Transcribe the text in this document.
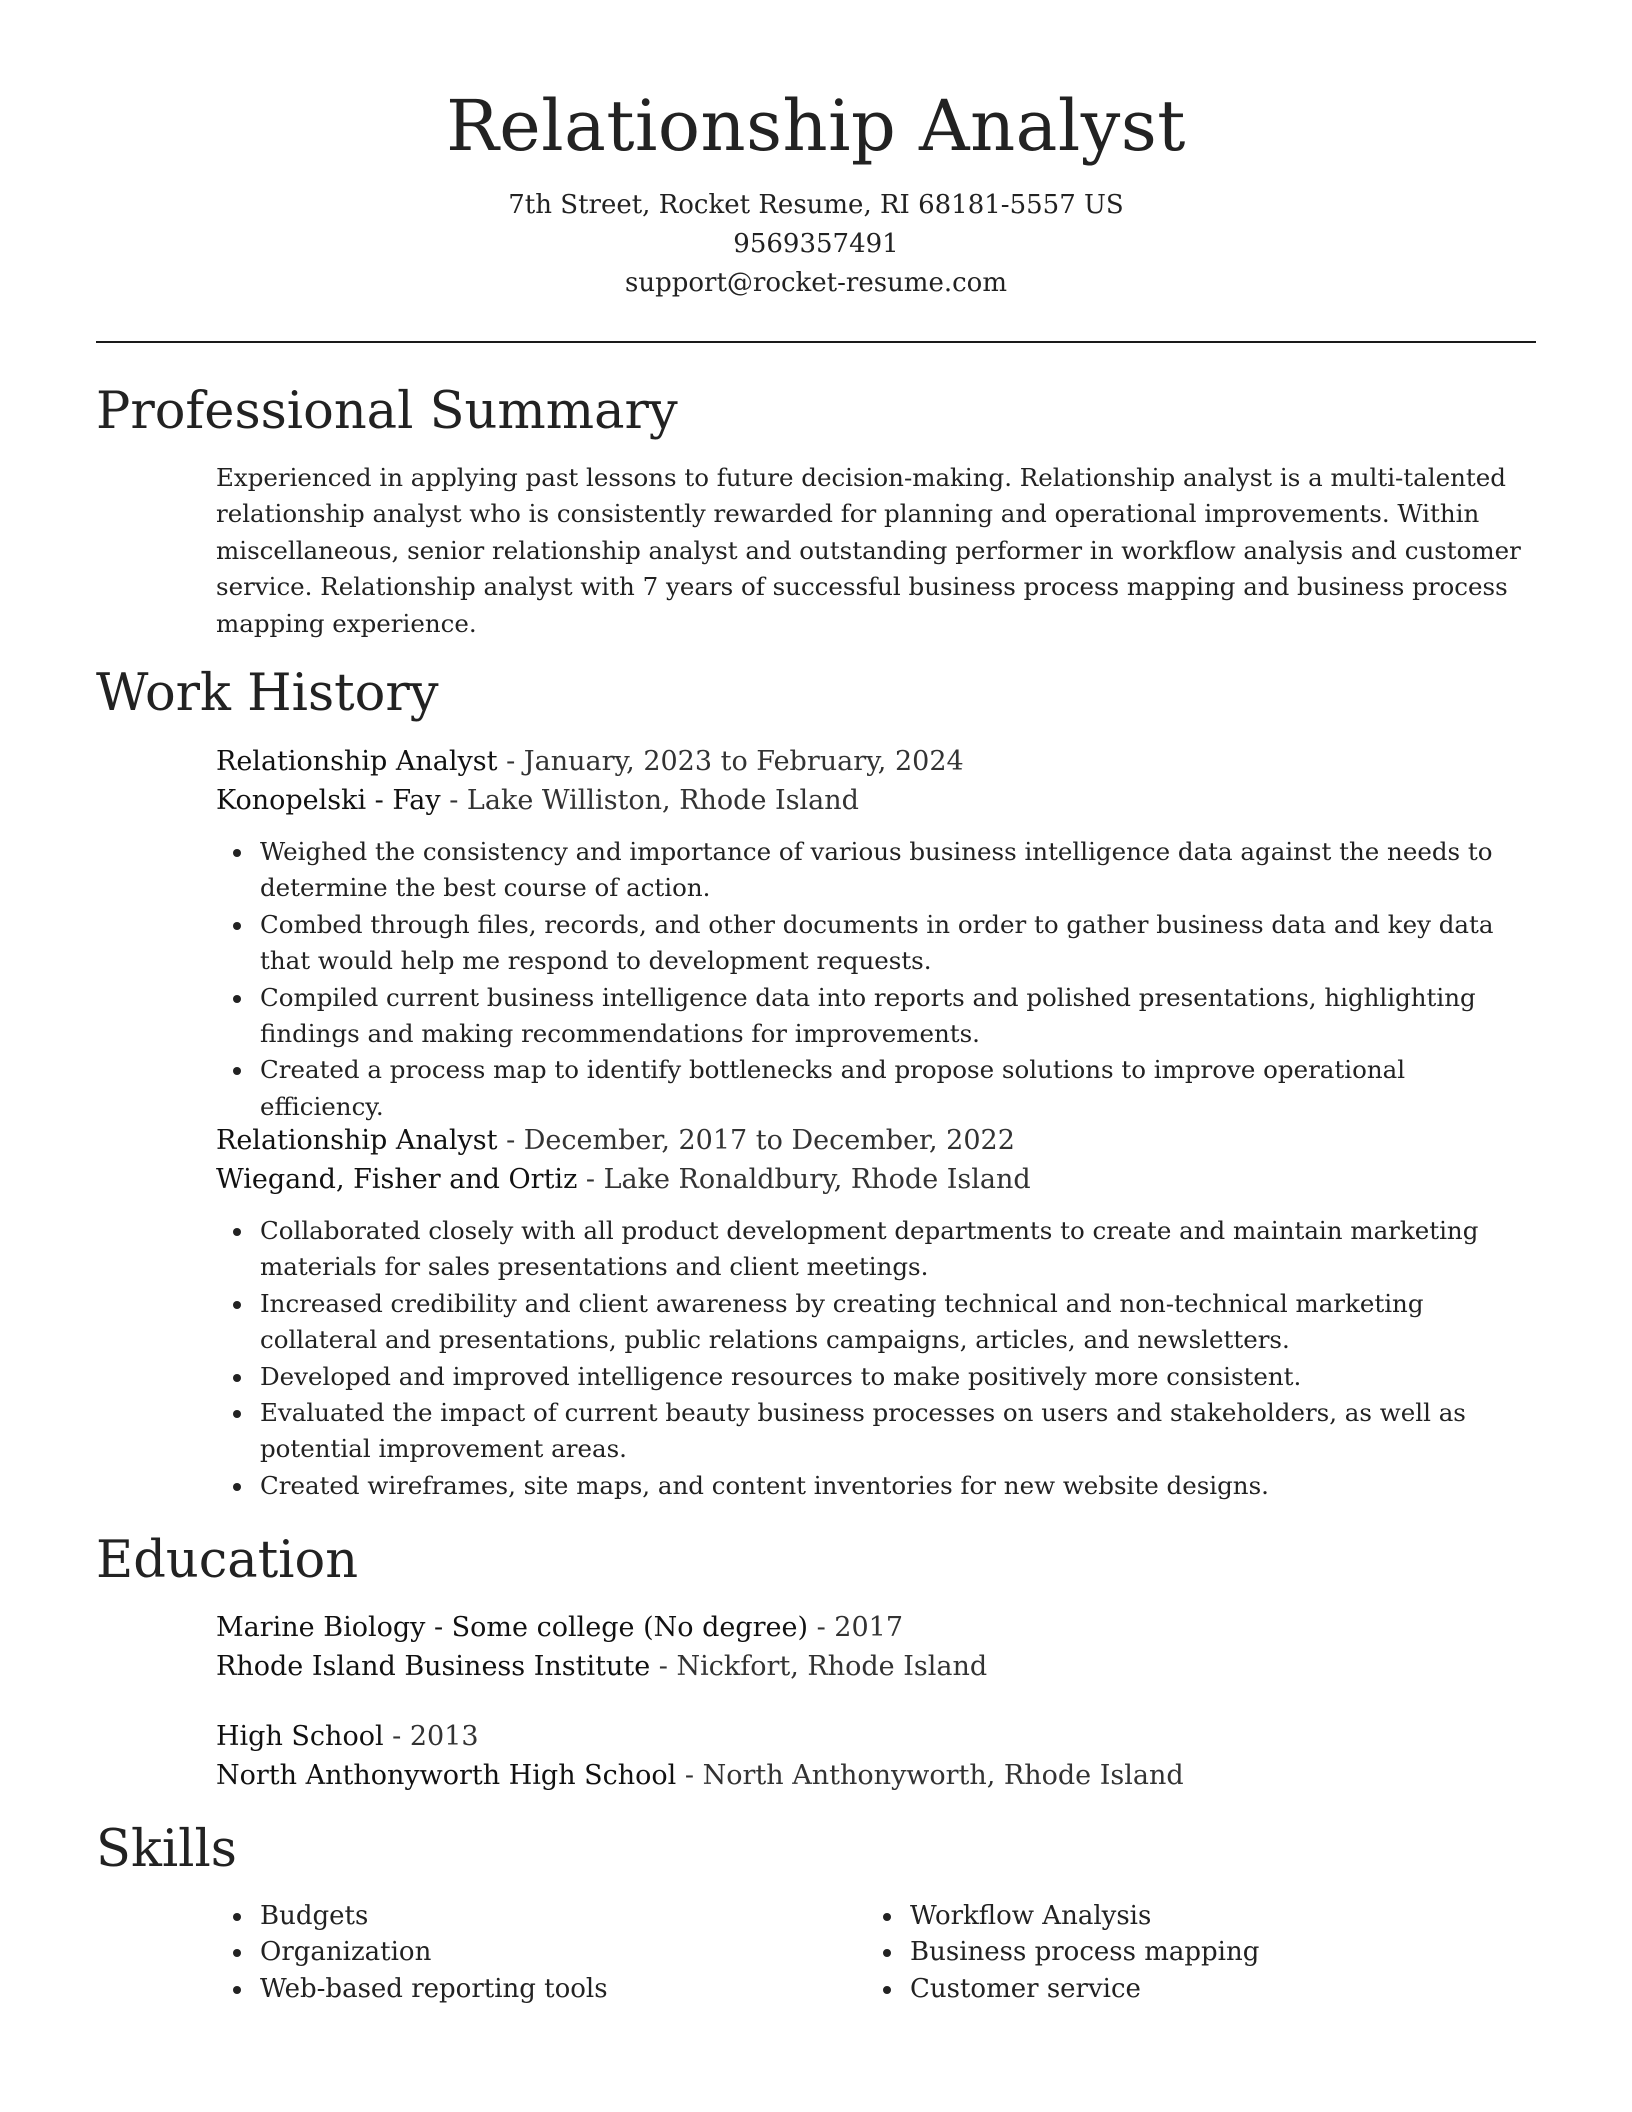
Relationship Analyst
7th Street, Rocket Resume, RI 68181-5557 US
9569357491
support@rocket-resume.com
Professional Summary

Experienced in applying past lessons to future decision-making. Relationship analyst is a multi-talented relationship analyst who is consistently rewarded for planning and operational improvements. Within miscellaneous, senior relationship analyst and outstanding performer in workflow analysis and customer service. Relationship analyst with 7 years of successful business process mapping and business process mapping experience.

Work History

Relationship Analyst - January, 2023 to February, 2024

Konopelski - Fay - Lake Williston, Rhode Island

Weighed the consistency and importance of various business intelligence data against the needs to determine the best course of action.
Combed through files, records, and other documents in order to gather business data and key data that would help me respond to development requests.
Compiled current business intelligence data into reports and polished presentations, highlighting findings and making recommendations for improvements.
Created a process map to identify bottlenecks and propose solutions to improve operational efficiency.

Relationship Analyst - December, 2017 to December, 2022

Wiegand, Fisher and Ortiz - Lake Ronaldbury, Rhode Island

Collaborated closely with all product development departments to create and maintain marketing materials for sales presentations and client meetings.
Increased credibility and client awareness by creating technical and non-technical marketing collateral and presentations, public relations campaigns, articles, and newsletters.
Developed and improved intelligence resources to make positively more consistent.
Evaluated the impact of current beauty business processes on users and stakeholders, as well as potential improvement areas.
Created wireframes, site maps, and content inventories for new website designs.
Education

Marine Biology - Some college (No degree) - 2017

Rhode Island Business Institute - Nickfort, Rhode Island

High School - 2013

North Anthonyworth High School - North Anthonyworth, Rhode Island

Skills
Budgets
Organization
Web-based reporting tools
Workflow Analysis
Business process mapping
Customer service
